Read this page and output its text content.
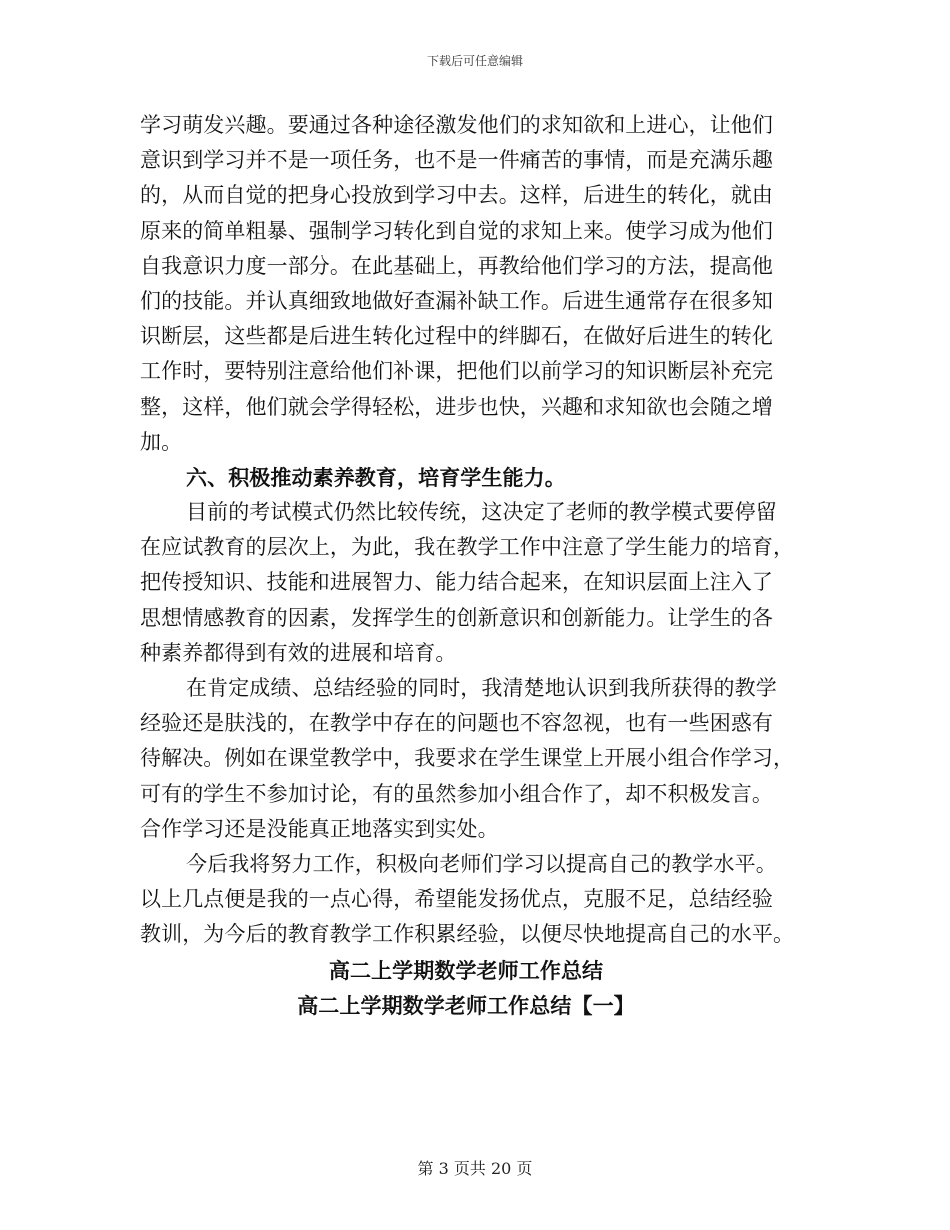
下载后可任意编辑
学习萌发兴趣。要通过各种途径激发他们的求知欲和上进心，让他们
意识到学习并不是一项任务，也不是一件痛苦的事情，而是充满乐趣
的，从而自觉的把身心投放到学习中去。这样，后进生的转化，就由
原来的简单粗暴、强制学习转化到自觉的求知上来。使学习成为他们
自我意识力度一部分。在此基础上，再教给他们学习的方法，提高他
们的技能。并认真细致地做好查漏补缺工作。后进生通常存在很多知
识断层，这些都是后进生转化过程中的绊脚石，在做好后进生的转化
工作时，要特别注意给他们补课，把他们以前学习的知识断层补充完
整，这样，他们就会学得轻松，进步也快，兴趣和求知欲也会随之增
加。
六、积极推动素养教育，培育学生能力。
目前的考试模式仍然比较传统，这决定了老师的教学模式要停留
在应试教育的层次上，为此，我在教学工作中注意了学生能力的培育，
把传授知识、技能和进展智力、能力结合起来，在知识层面上注入了
思想情感教育的因素，发挥学生的创新意识和创新能力。让学生的各
种素养都得到有效的进展和培育。
在肯定成绩、总结经验的同时，我清楚地认识到我所获得的教学
经验还是肤浅的，在教学中存在的问题也不容忽视，也有一些困惑有
待解决。例如在课堂教学中，我要求在学生课堂上开展小组合作学习，
可有的学生不参加讨论，有的虽然参加小组合作了，却不积极发言。
合作学习还是没能真正地落实到实处。
今后我将努力工作，积极向老师们学习以提高自己的教学水平。
以上几点便是我的一点心得，希望能发扬优点，克服不足，总结经验
教训，为今后的教育教学工作积累经验，以便尽快地提高自己的水平。
高二上学期数学老师工作总结
高二上学期数学老师工作总结【一】
第 3 页共 20 页
